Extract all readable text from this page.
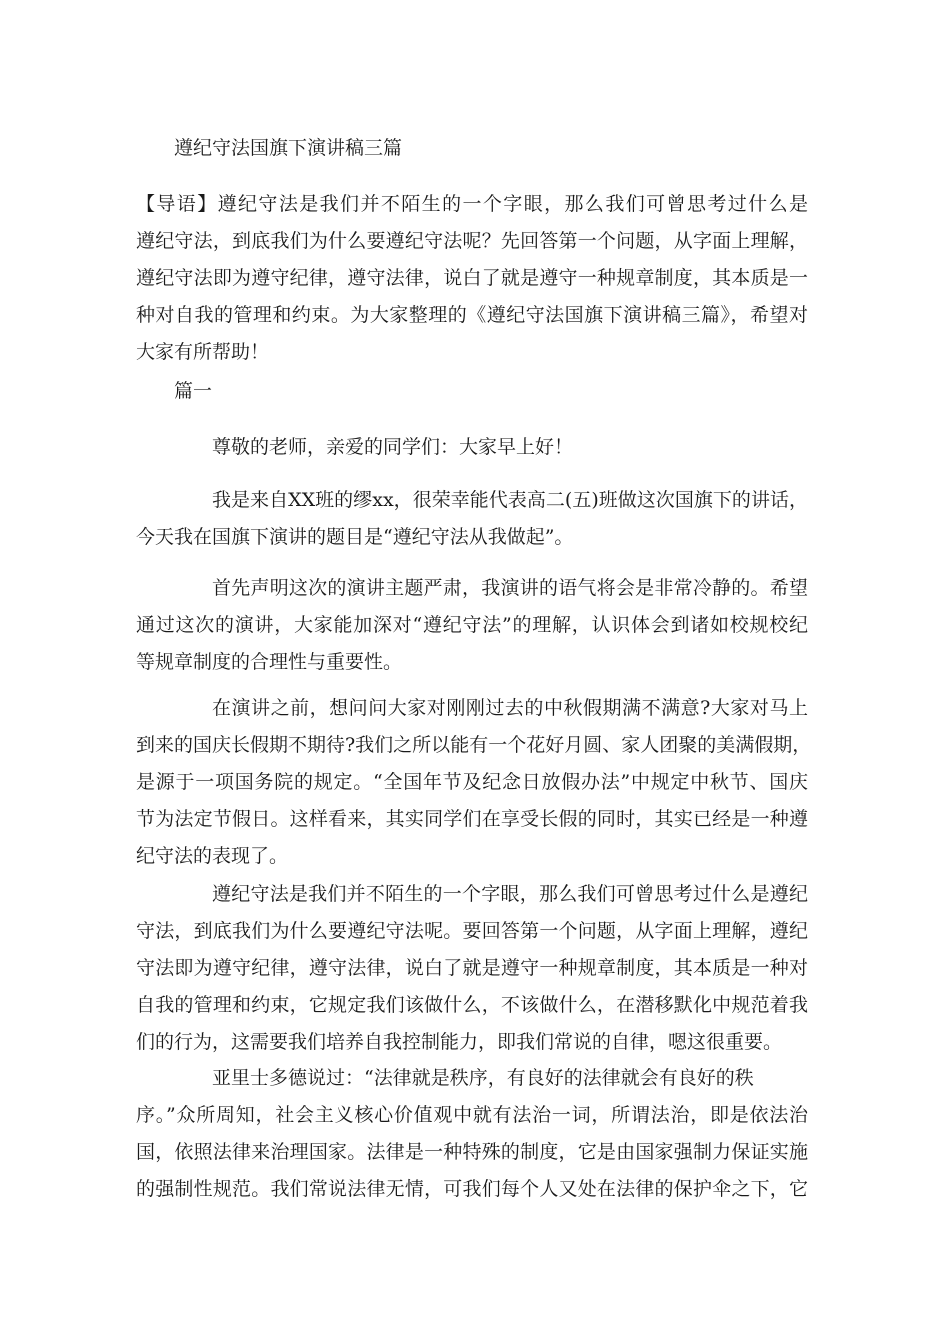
遵纪守法国旗下演讲稿三篇
【导语】遵纪守法是我们并不陌生的一个字眼，那么我们可曾思考过什么是
遵纪守法，到底我们为什么要遵纪守法呢？先回答第一个问题，从字面上理解，
遵纪守法即为遵守纪律，遵守法律，说白了就是遵守一种规章制度，其本质是一
种对自我的管理和约束。为大家整理的《遵纪守法国旗下演讲稿三篇》，希望对
大家有所帮助！
篇一
尊敬的老师，亲爱的同学们：大家早上好！
我是来自XX班的缪xx，很荣幸能代表高二(五)班做这次国旗下的讲话，
今天我在国旗下演讲的题目是“遵纪守法从我做起”。
首先声明这次的演讲主题严肃，我演讲的语气将会是非常冷静的。希望
通过这次的演讲，大家能加深对“遵纪守法”的理解，认识体会到诸如校规校纪
等规章制度的合理性与重要性。
在演讲之前，想问问大家对刚刚过去的中秋假期满不满意?大家对马上
到来的国庆长假期不期待?我们之所以能有一个花好月圆、家人团聚的美满假期，
是源于一项国务院的规定。“全国年节及纪念日放假办法”中规定中秋节、国庆
节为法定节假日。这样看来，其实同学们在享受长假的同时，其实已经是一种遵
纪守法的表现了。
遵纪守法是我们并不陌生的一个字眼，那么我们可曾思考过什么是遵纪
守法，到底我们为什么要遵纪守法呢。要回答第一个问题，从字面上理解，遵纪
守法即为遵守纪律，遵守法律，说白了就是遵守一种规章制度，其本质是一种对
自我的管理和约束，它规定我们该做什么，不该做什么，在潜移默化中规范着我
们的行为，这需要我们培养自我控制能力，即我们常说的自律，嗯这很重要。
亚里士多德说过：“法律就是秩序，有良好的法律就会有良好的秩
序。”众所周知，社会主义核心价值观中就有法治一词，所谓法治，即是依法治
国，依照法律来治理国家。法律是一种特殊的制度，它是由国家强制力保证实施
的强制性规范。我们常说法律无情，可我们每个人又处在法律的保护伞之下，它
